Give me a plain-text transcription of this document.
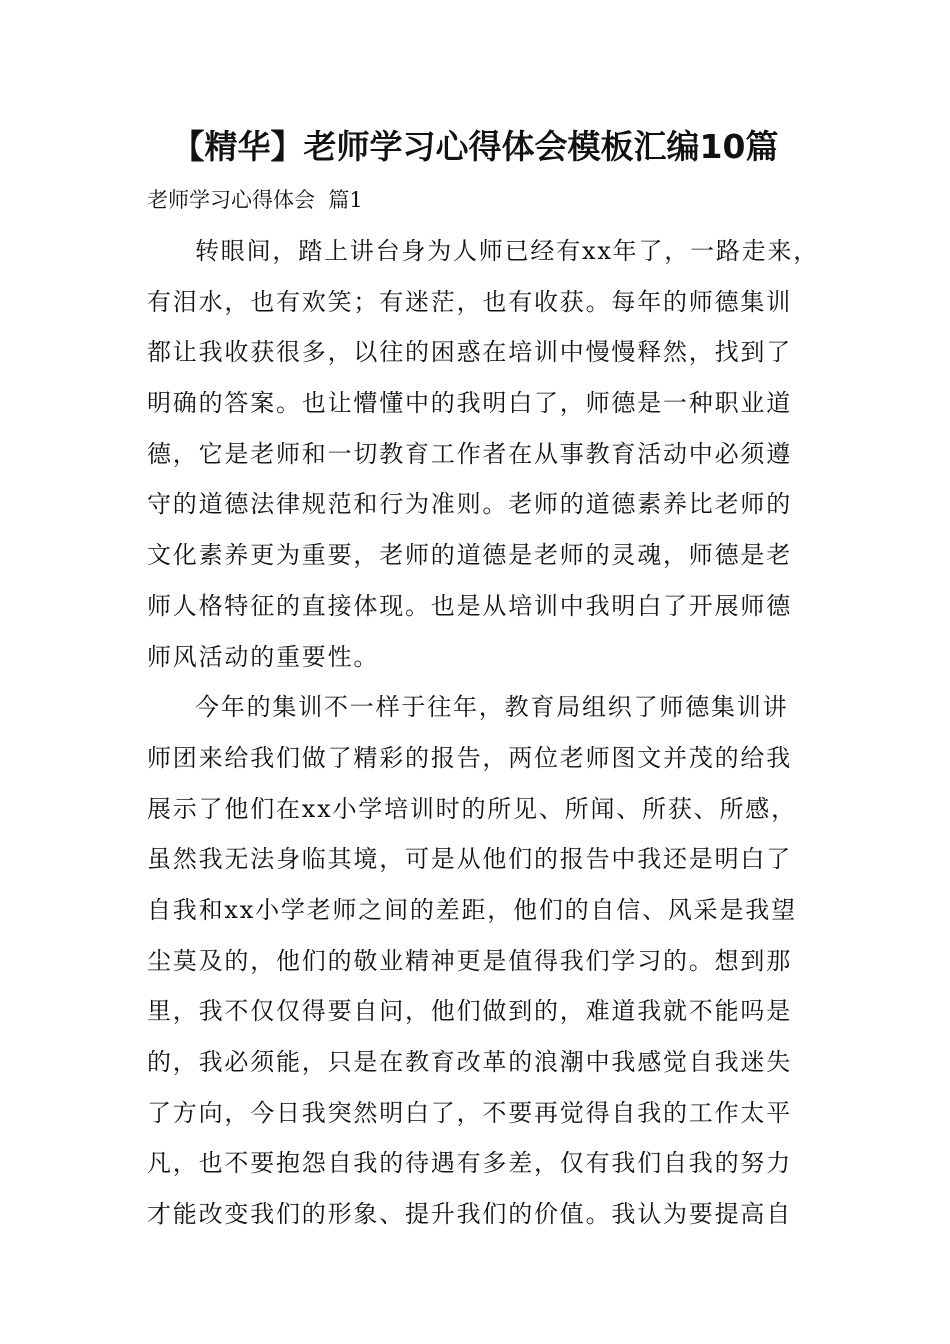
【精华】老师学习心得体会模板汇编10篇
老师学习心得体会  篇1
转眼间，踏上讲台身为人师已经有xx年了，一路走来，
有泪水，也有欢笑；有迷茫，也有收获。每年的师德集训
都让我收获很多，以往的困惑在培训中慢慢释然，找到了
明确的答案。也让懵懂中的我明白了，师德是一种职业道
德，它是老师和一切教育工作者在从事教育活动中必须遵
守的道德法律规范和行为准则。老师的道德素养比老师的
文化素养更为重要，老师的道德是老师的灵魂，师德是老
师人格特征的直接体现。也是从培训中我明白了开展师德
师风活动的重要性。
今年的集训不一样于往年，教育局组织了师德集训讲
师团来给我们做了精彩的报告，两位老师图文并茂的给我
展示了他们在xx小学培训时的所见、所闻、所获、所感，
虽然我无法身临其境，可是从他们的报告中我还是明白了
自我和xx小学老师之间的差距，他们的自信、风采是我望
尘莫及的，他们的敬业精神更是值得我们学习的。想到那
里，我不仅仅得要自问，他们做到的，难道我就不能吗是
的，我必须能，只是在教育改革的浪潮中我感觉自我迷失
了方向，今日我突然明白了，不要再觉得自我的工作太平
凡，也不要抱怨自我的待遇有多差，仅有我们自我的努力
才能改变我们的形象、提升我们的价值。我认为要提高自
